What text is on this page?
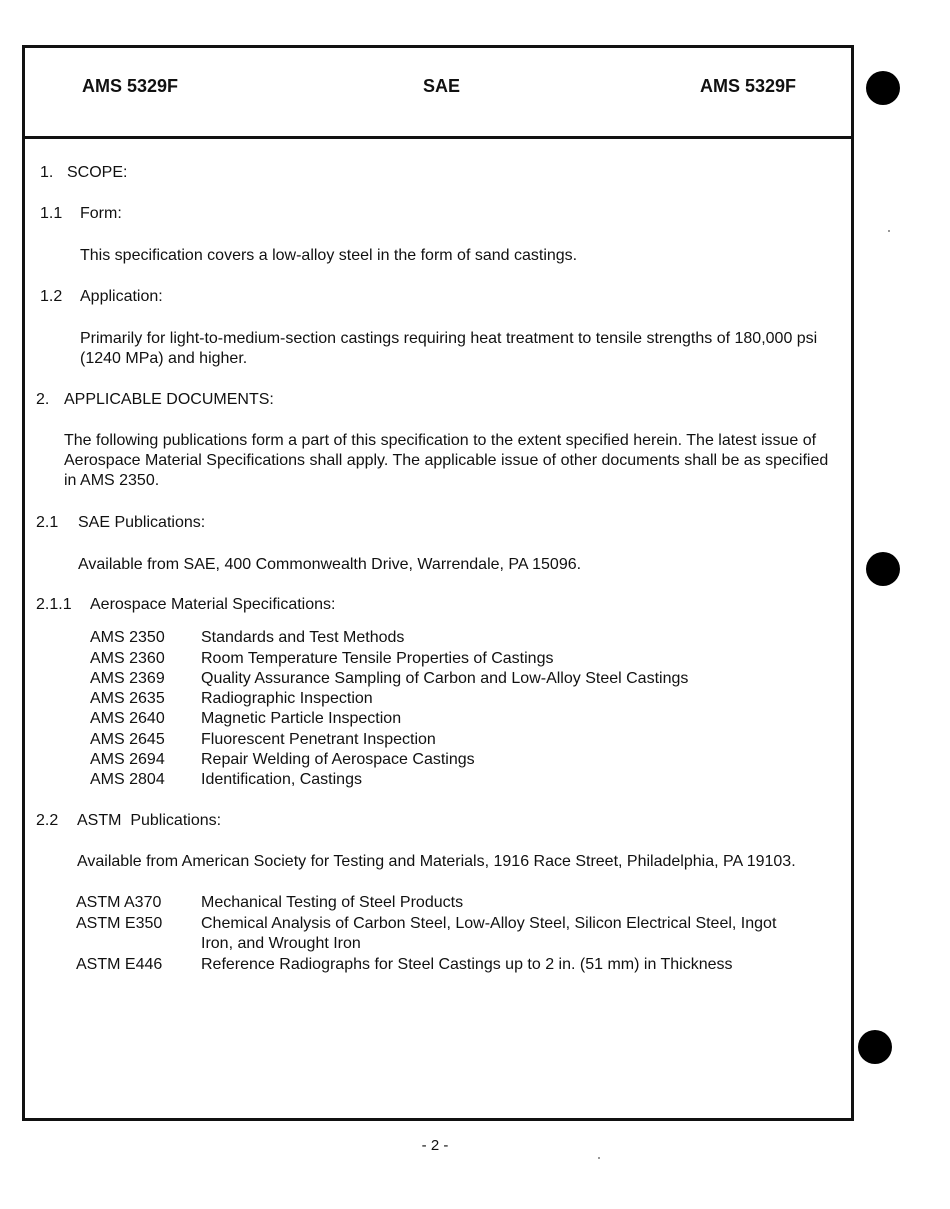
AMS 5329F	SAE	AMS 5329F
1. SCOPE:
1.1 Form:
This specification covers a low-alloy steel in the form of sand castings.
1.2 Application:
Primarily for light-to-medium-section castings requiring heat treatment to tensile strengths of 180,000 psi (1240 MPa) and higher.
2. APPLICABLE DOCUMENTS:
The following publications form a part of this specification to the extent specified herein. The latest issue of Aerospace Material Specifications shall apply. The applicable issue of other documents shall be as specified in AMS 2350.
2.1 SAE Publications:
Available from SAE, 400 Commonwealth Drive, Warrendale, PA 15096.
2.1.1 Aerospace Material Specifications:
AMS 2350 Standards and Test Methods
AMS 2360 Room Temperature Tensile Properties of Castings
AMS 2369 Quality Assurance Sampling of Carbon and Low-Alloy Steel Castings
AMS 2635 Radiographic Inspection
AMS 2640 Magnetic Particle Inspection
AMS 2645 Fluorescent Penetrant Inspection
AMS 2694 Repair Welding of Aerospace Castings
AMS 2804 Identification, Castings
2.2 ASTM  Publications:
Available from American Society for Testing and Materials, 1916 Race Street, Philadelphia, PA 19103.
ASTM A370 Mechanical Testing of Steel Products
ASTM E350 Chemical Analysis of Carbon Steel, Low-Alloy Steel, Silicon Electrical Steel, Ingot
Iron, and Wrought Iron
ASTM E446 Reference Radiographs for Steel Castings up to 2 in. (51 mm) in Thickness
- 2 -
